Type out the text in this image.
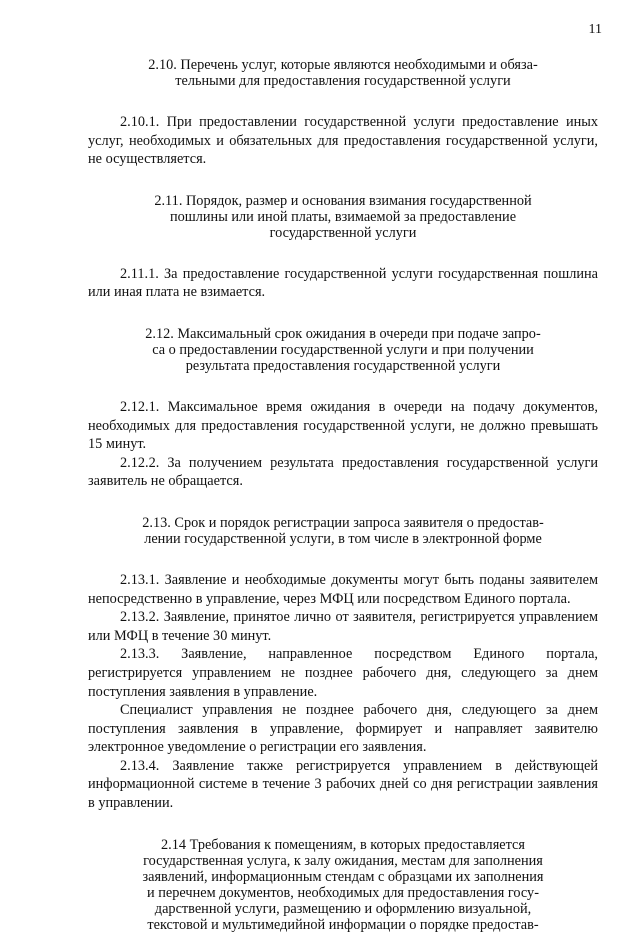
11
2.10. Перечень услуг, которые являются необходимыми и обяза-
тельными для предоставления государственной услуги

2.10.1. При предоставлении государственной услуги предоставление иных услуг, необходимых и обязательных для предоставления государственной услуги, не осуществляется.

2.11. Порядок, размер и основания взимания государственной
пошлины или иной платы, взимаемой за предоставление
государственной услуги

2.11.1. За предоставление государственной услуги государственная пошлина или иная плата не взимается.

2.12. Максимальный срок ожидания в очереди при подаче запро-
са о предоставлении государственной услуги и при получении
результата предоставления государственной услуги

2.12.1. Максимальное время ожидания в очереди на подачу документов, необходимых для предоставления государственной услуги, не должно превышать 15 минут.

2.12.2. За получением результата предоставления государственной услуги заявитель не обращается.

2.13. Срок и порядок регистрации запроса заявителя о предостав-
лении государственной услуги, в том числе в электронной форме

2.13.1. Заявление и необходимые документы могут быть поданы заявителем непосредственно в управление, через МФЦ или посредством Единого портала.

2.13.2. Заявление, принятое лично от заявителя, регистрируется управлением или МФЦ в течение 30 минут.

2.13.3. Заявление, направленное посредством Единого портала, регистрируется управлением не позднее рабочего дня, следующего за днем поступления заявления в управление.

Специалист управления не позднее рабочего дня, следующего за днем поступления заявления в управление, формирует и направляет заявителю электронное уведомление о регистрации его заявления.

2.13.4. Заявление также регистрируется управлением в действующей информационной системе в течение 3 рабочих дней со дня регистрации заявления в управлении.

2.14 Требования к помещениям, в которых предоставляется
государственная услуга, к залу ожидания, местам для заполнения
заявлений, информационным стендам с образцами их заполнения
и перечнем документов, необходимых для предоставления госу-
дарственной услуги, размещению и оформлению визуальной,
текстовой и мультимедийной информации о порядке предостав-
